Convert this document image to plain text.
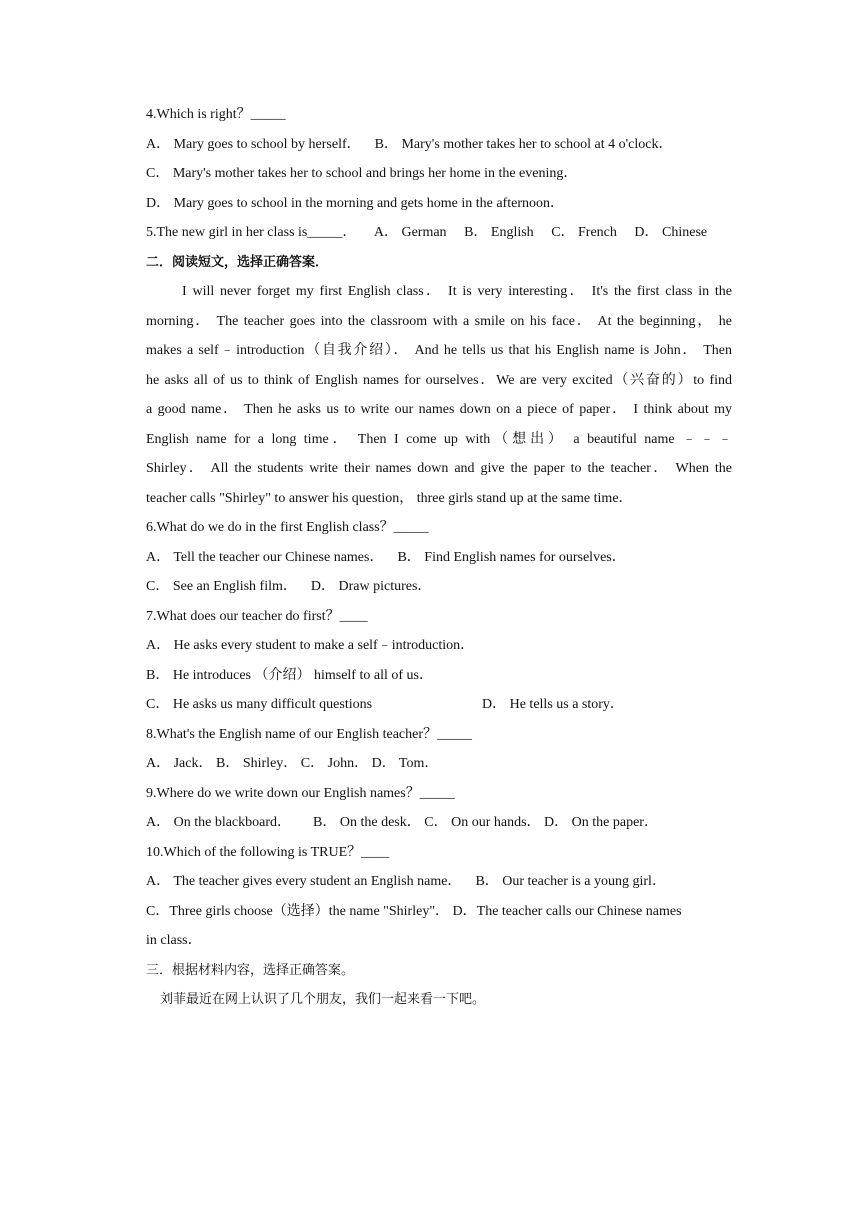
4.Which is right？_____
A． Mary goes to school by herself． B． Mary's mother takes her to school at 4 o'clock．
C． Mary's mother takes her to school and brings her home in the evening．
D． Mary goes to school in the morning and gets home in the afternoon．
5.The new girl in her class is_____． A． German B． English C． French D． Chinese
二．阅读短文，选择正确答案．
I will never forget my first English class． It is very interesting． It's the first class in the
morning． The teacher goes into the classroom with a smile on his face． At the beginning， he
makes a self﹣introduction（自我介绍）． And he tells us that his English name is John． Then
he asks all of us to think of English names for ourselves．We are very excited（兴奋的）to find
a good name． Then he asks us to write our names down on a piece of paper． I think about my
English name for a long time． Then I come up with（想出） a beautiful name ﹣﹣﹣
Shirley． All the students write their names down and give the paper to the teacher． When the
teacher calls "Shirley" to answer his question， three girls stand up at the same time．
6.What do we do in the first English class？_____
A． Tell the teacher our Chinese names． B． Find English names for ourselves．
C． See an English film． D． Draw pictures．
7.What does our teacher do first？____
A． He asks every student to make a self﹣introduction．
B． He introduces （介绍） himself to all of us．
C． He asks us many difficult questions	D． He tells us a story．
8.What's the English name of our English teacher？_____
A． Jack． B． Shirley． C． John． D． Tom．
9.Where do we write down our English names？_____
A． On the blackboard． B． On the desk． C． On our hands． D． On the paper．
10.Which of the following is TRUE？____
A． The teacher gives every student an English name． B． Our teacher is a young girl．
C．Three girls choose（选择）the name "Shirley"． D．The teacher calls our Chinese names
in class．
三．根据材料内容，选择正确答案。
刘菲最近在网上认识了几个朋友，我们一起来看一下吧。
